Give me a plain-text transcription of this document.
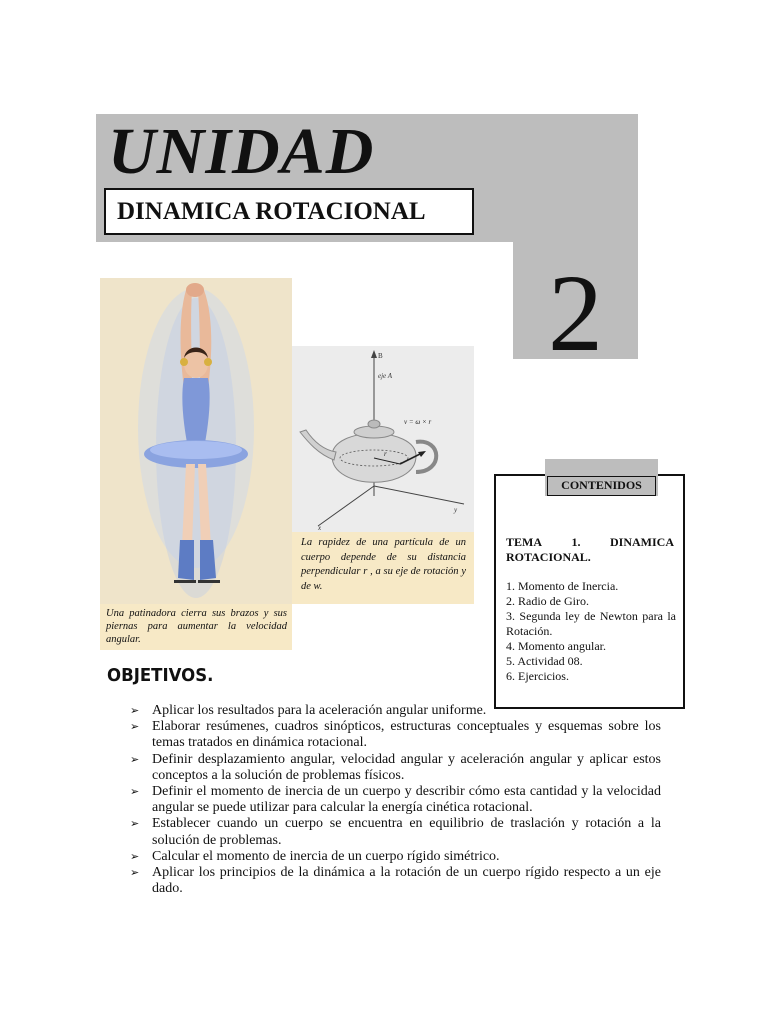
UNIDAD
DINAMICA ROTACIONAL
2
Una patinadora cierra sus brazos y sus piernas para aumentar la velocidad angular.
B
eje A
r
v = ω × r
y
x
La rapidez de una partícula de un cuerpo depende de su distancia perpendicular r , a su eje de rotación y de w.
CONTENIDOS
TEMA 1. DINAMICA
ROTACIONAL.
1. Momento de Inercia.
2. Radio de Giro.
3. Segunda ley de Newton para la Rotación.
4. Momento angular.
5. Actividad 08.
6. Ejercicios.
OBJETIVOS.
➢ Aplicar los resultados para la aceleración angular uniforme.
➢ Elaborar resúmenes, cuadros sinópticos, estructuras conceptuales y esquemas sobre los temas tratados en dinámica rotacional.
➢ Definir desplazamiento angular, velocidad angular y aceleración angular y aplicar estos conceptos a la solución de problemas físicos.
➢ Definir el momento de inercia de un cuerpo y describir cómo esta cantidad y la velocidad angular se puede utilizar para calcular la energía cinética rotacional.
➢ Establecer cuando un cuerpo se encuentra en equilibrio de traslación y rotación a la solución de problemas.
➢ Calcular el momento de inercia de un cuerpo rígido simétrico.
➢ Aplicar los principios de la dinámica a la rotación de un cuerpo rígido respecto a un eje dado.
